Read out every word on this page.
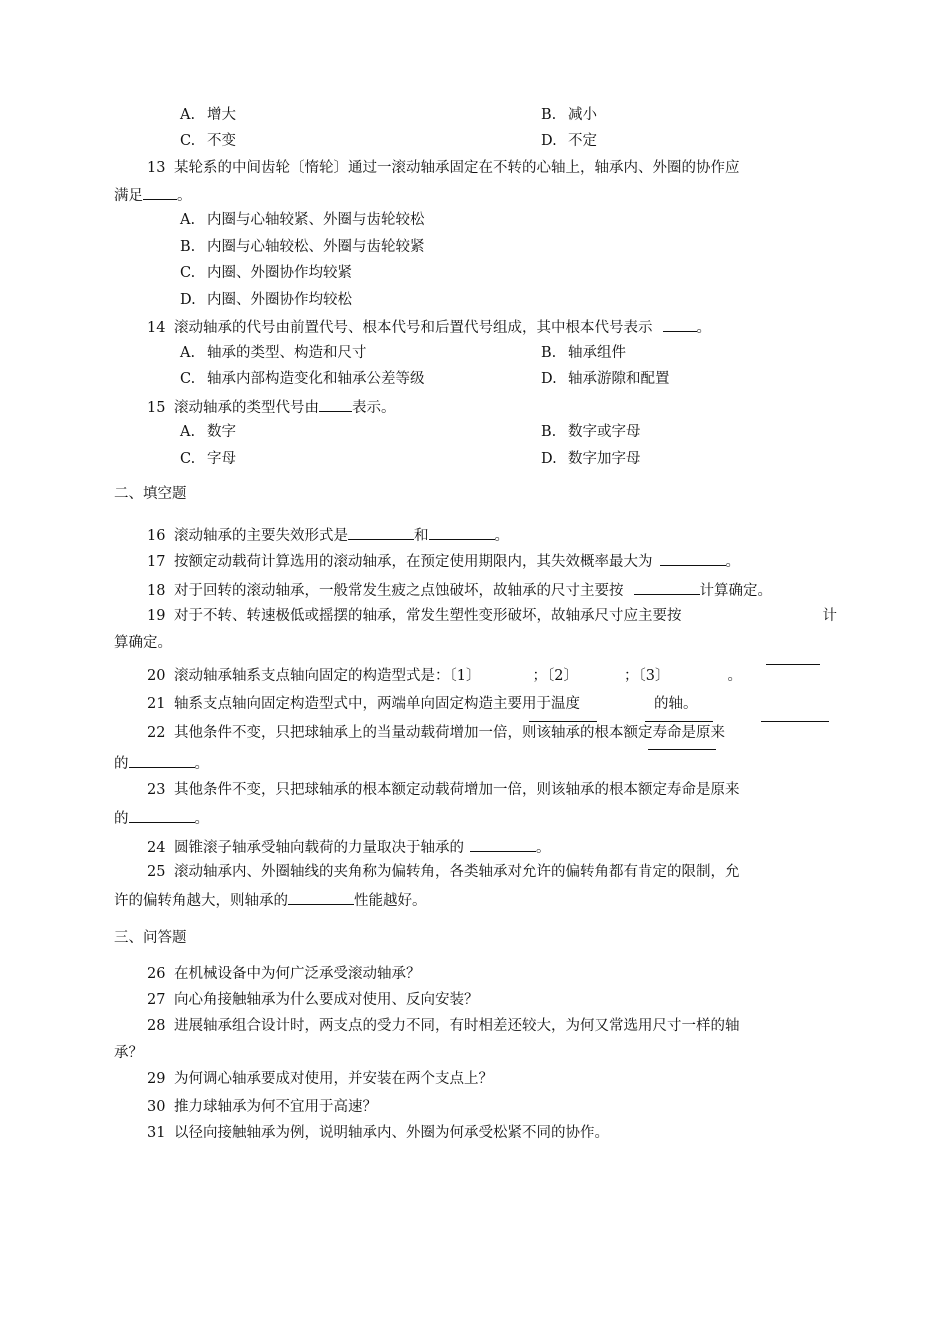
A. 增大	B. 减小
C. 不变	D. 不定
13 某轮系的中间齿轮〔惰轮〕通过一滚动轴承固定在不转的心轴上，轴承内、外圈的协作应
满足 。
A. 内圈与心轴较紧、外圈与齿轮较松
B. 内圈与心轴较松、外圈与齿轮较紧
C. 内圈、外圈协作均较紧
D. 内圈、外圈协作均较松
14 滚动轴承的代号由前置代号、根本代号和后置代号组成，其中根本代号表示	。
A. 轴承的类型、构造和尺寸	B. 轴承组件
C. 轴承内部构造变化和轴承公差等级	D. 轴承游隙和配置
15 滚动轴承的类型代号由 表示。
A. 数字	B. 数字或字母
C. 字母	D. 数字加字母
二、填空题
16 滚动轴承的主要失效形式是	和	。
17 按额定动载荷计算选用的滚动轴承，在预定使用期限内，其失效概率最大为	。
18 对于回转的滚动轴承，一般常发生疲之点蚀破坏，故轴承的尺寸主要按	计算确定。
19 对于不转、转速极低或摇摆的轴承，常发生塑性变形破坏，故轴承尺寸应主要按	计
算确定。
20 滚动轴承轴系支点轴向固定的构造型式是：〔1〕	；〔2〕	；〔3〕	。
21 轴系支点轴向固定构造型式中，两端单向固定构造主要用于温度	的轴。
22 其他条件不变，只把球轴承上的当量动载荷增加一倍，则该轴承的根本额定寿命是原来
的	。
23 其他条件不变，只把球轴承的根本额定动载荷增加一倍，则该轴承的根本额定寿命是原来
的	。
24 圆锥滚子轴承受轴向载荷的力量取决于轴承的	。
25 滚动轴承内、外圈轴线的夹角称为偏转角，各类轴承对允许的偏转角都有肯定的限制，允
许的偏转角越大，则轴承的	性能越好。
三、问答题
26 在机械设备中为何广泛承受滚动轴承？
27 向心角接触轴承为什么要成对使用、反向安装？
28 进展轴承组合设计时，两支点的受力不同，有时相差还较大，为何又常选用尺寸一样的轴
承？
29 为何调心轴承要成对使用，并安装在两个支点上？
30 推力球轴承为何不宜用于高速？
31 以径向接触轴承为例，说明轴承内、外圈为何承受松紧不同的协作。
